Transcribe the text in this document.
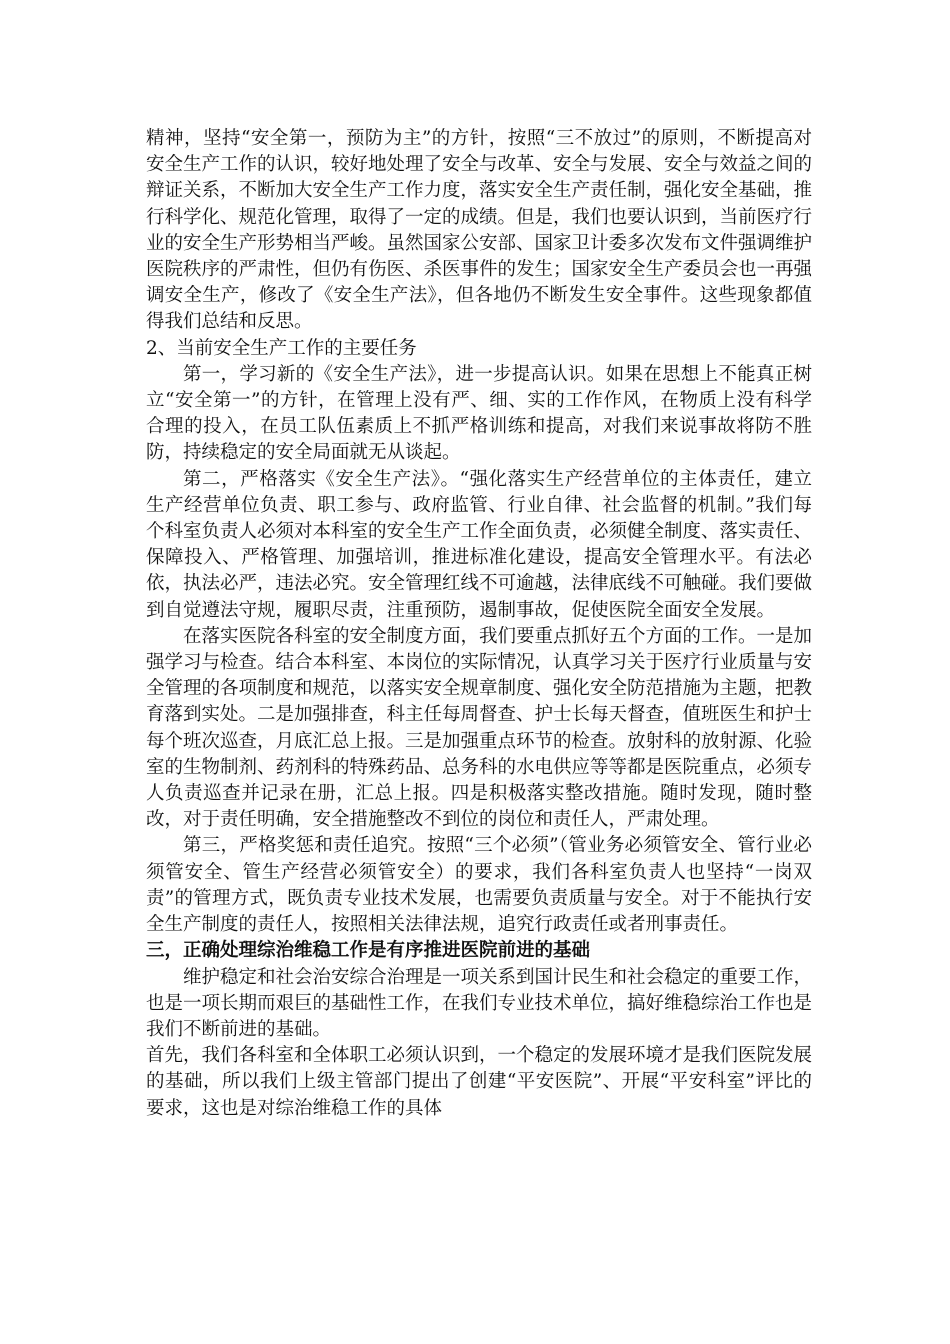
精神，坚持“安全第一，预防为主”的方针，按照“三不放过”的原则，不断提高对安全生产工作的认识，较好地处理了安全与改革、安全与发展、安全与效益之间的辩证关系，不断加大安全生产工作力度，落实安全生产责任制，强化安全基础，推行科学化、规范化管理，取得了一定的成绩。但是，我们也要认识到，当前医疗行业的安全生产形势相当严峻。虽然国家公安部、国家卫计委多次发布文件强调维护医院秩序的严肃性，但仍有伤医、杀医事件的发生；国家安全生产委员会也一再强调安全生产，修改了《安全生产法》，但各地仍不断发生安全事件。这些现象都值得我们总结和反思。

2、当前安全生产工作的主要任务

第一，学习新的《安全生产法》，进一步提高认识。如果在思想上不能真正树立“安全第一”的方针，在管理上没有严、细、实的工作作风，在物质上没有科学合理的投入，在员工队伍素质上不抓严格训练和提高，对我们来说事故将防不胜防，持续稳定的安全局面就无从谈起。

第二，严格落实《安全生产法》。“强化落实生产经营单位的主体责任，建立生产经营单位负责、职工参与、政府监管、行业自律、社会监督的机制。”我们每个科室负责人必须对本科室的安全生产工作全面负责，必须健全制度、落实责任、保障投入、严格管理、加强培训，推进标准化建设，提高安全管理水平。有法必依，执法必严，违法必究。安全管理红线不可逾越，法律底线不可触碰。我们要做到自觉遵法守规，履职尽责，注重预防，遏制事故，促使医院全面安全发展。

在落实医院各科室的安全制度方面，我们要重点抓好五个方面的工作。一是加强学习与检查。结合本科室、本岗位的实际情况，认真学习关于医疗行业质量与安全管理的各项制度和规范，以落实安全规章制度、强化安全防范措施为主题，把教育落到实处。二是加强排查，科主任每周督查、护士长每天督查，值班医生和护士每个班次巡查，月底汇总上报。三是加强重点环节的检查。放射科的放射源、化验室的生物制剂、药剂科的特殊药品、总务科的水电供应等等都是医院重点，必须专人负责巡查并记录在册，汇总上报。四是积极落实整改措施。随时发现，随时整改，对于责任明确，安全措施整改不到位的岗位和责任人，严肃处理。

第三，严格奖惩和责任追究。按照“三个必须”（管业务必须管安全、管行业必须管安全、管生产经营必须管安全）的要求，我们各科室负责人也坚持“一岗双责”的管理方式，既负责专业技术发展，也需要负责质量与安全。对于不能执行安全生产制度的责任人，按照相关法律法规，追究行政责任或者刑事责任。

三，正确处理综治维稳工作是有序推进医院前进的基础

维护稳定和社会治安综合治理是一项关系到国计民生和社会稳定的重要工作，也是一项长期而艰巨的基础性工作，在我们专业技术单位，搞好维稳综治工作也是我们不断前进的基础。

首先，我们各科室和全体职工必须认识到，一个稳定的发展环境才是我们医院发展的基础，所以我们上级主管部门提出了创建“平安医院”、开展“平安科室”评比的要求，这也是对综治维稳工作的具体
